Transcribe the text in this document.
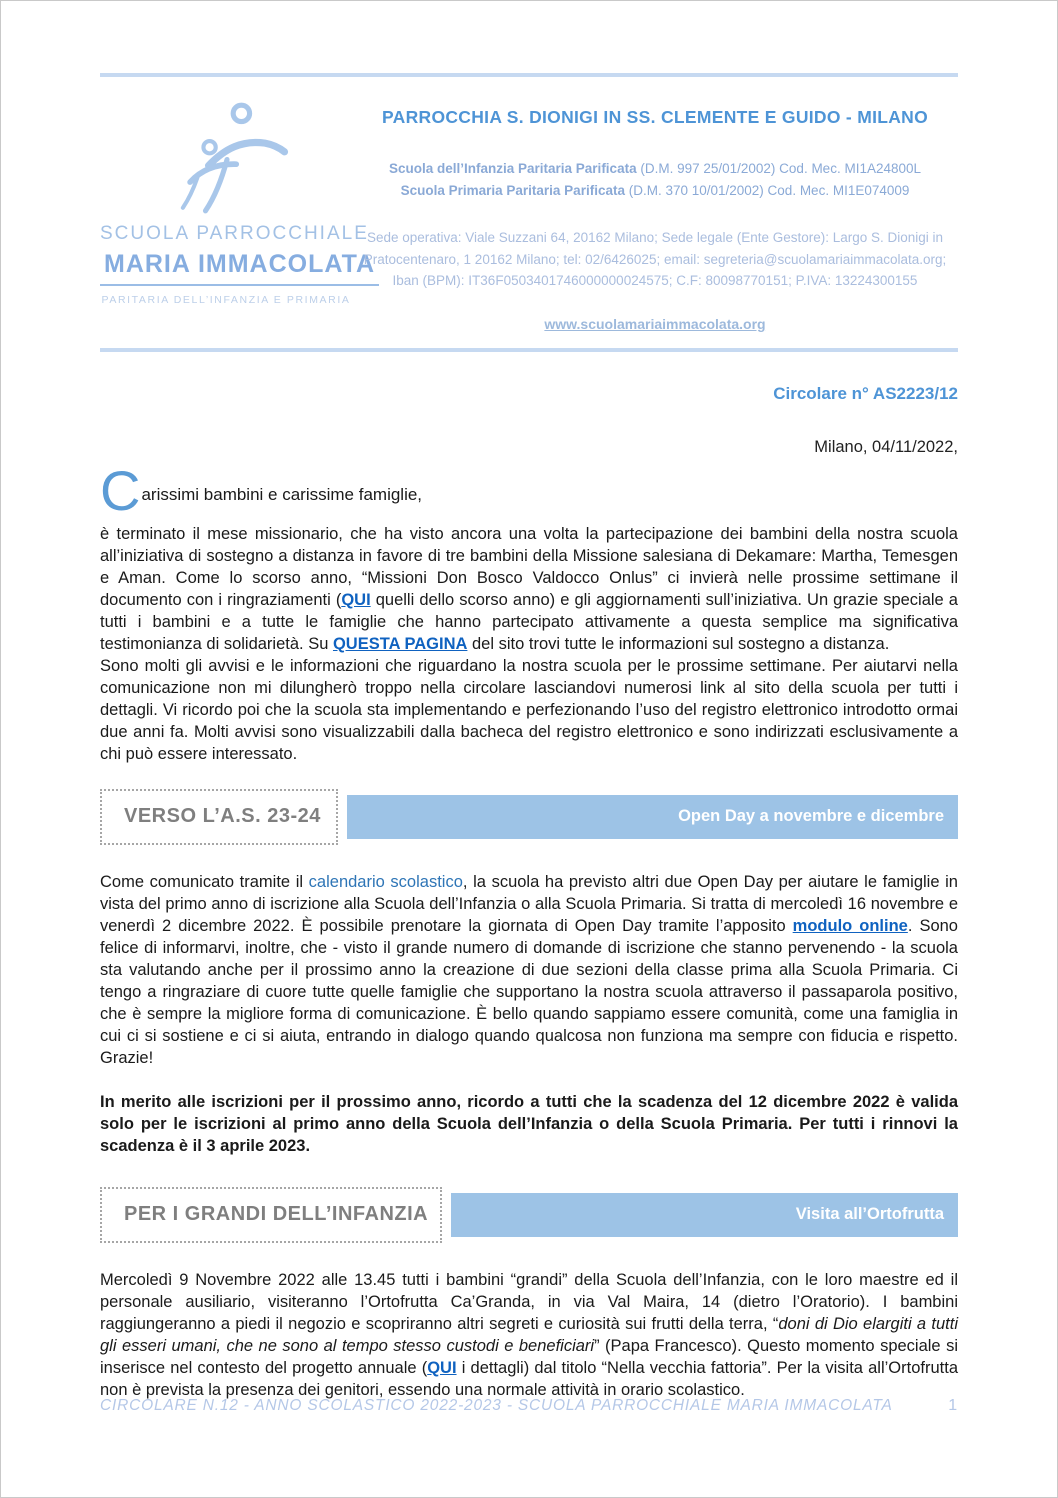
SCUOLA PARROCCHIALE
MARIA IMMACOLATA
PARITARIA DELL’INFANZIA E PRIMARIA
PARROCCHIA S. DIONIGI IN SS. CLEMENTE E GUIDO - MILANO
Scuola dell’Infanzia Paritaria Parificata (D.M. 997 25/01/2002) Cod. Mec. MI1A24800L
Scuola Primaria Paritaria Parificata (D.M. 370 10/01/2002) Cod. Mec. MI1E074009
Sede operativa: Viale Suzzani 64, 20162 Milano; Sede legale (Ente Gestore): Largo S. Dionigi in Pratocentenaro, 1 20162 Milano; tel: 02/6426025; email: segreteria@scuolamariaimmacolata.org; Iban (BPM): IT36F0503401746000000024575; C.F: 80098770151; P.IVA: 13224300155
www.scuolamariaimmacolata.org
Circolare n° AS2223/12
Milano, 04/11/2022,
Carissimi bambini e carissime famiglie,

è terminato il mese missionario, che ha visto ancora una volta la partecipazione dei bambini della nostra scuola all’iniziativa di sostegno a distanza in favore di tre bambini della Missione salesiana di Dekamare: Martha, Temesgen e Aman. Come lo scorso anno, “Missioni Don Bosco Valdocco Onlus” ci invierà nelle prossime settimane il documento con i ringraziamenti (QUI quelli dello scorso anno) e gli aggiornamenti sull’iniziativa. Un grazie speciale a tutti i bambini e a tutte le famiglie che hanno partecipato attivamente a questa semplice ma significativa testimonianza di solidarietà. Su QUESTA PAGINA del sito trovi tutte le informazioni sul sostegno a distanza.

Sono molti gli avvisi e le informazioni che riguardano la nostra scuola per le prossime settimane. Per aiutarvi nella comunicazione non mi dilungherò troppo nella circolare lasciandovi numerosi link al sito della scuola per tutti i dettagli. Vi ricordo poi che la scuola sta implementando e perfezionando l’uso del registro elettronico introdotto ormai due anni fa. Molti avvisi sono visualizzabili dalla bacheca del registro elettronico e sono indirizzati esclusivamente a chi può essere interessato.

VERSO L’A.S. 23-24	Open Day a novembre e dicembre

Come comunicato tramite il calendario scolastico, la scuola ha previsto altri due Open Day per aiutare le famiglie in vista del primo anno di iscrizione alla Scuola dell’Infanzia o alla Scuola Primaria. Si tratta di mercoledì 16 novembre e venerdì 2 dicembre 2022. È possibile prenotare la giornata di Open Day tramite l’apposito modulo online. Sono felice di informarvi, inoltre, che - visto il grande numero di domande di iscrizione che stanno pervenendo - la scuola sta valutando anche per il prossimo anno la creazione di due sezioni della classe prima alla Scuola Primaria. Ci tengo a ringraziare di cuore tutte quelle famiglie che supportano la nostra scuola attraverso il passaparola positivo, che è sempre la migliore forma di comunicazione. È bello quando sappiamo essere comunità, come una famiglia in cui ci si sostiene e ci si aiuta, entrando in dialogo quando qualcosa non funziona ma sempre con fiducia e rispetto. Grazie!

In merito alle iscrizioni per il prossimo anno, ricordo a tutti che la scadenza del 12 dicembre 2022 è valida solo per le iscrizioni al primo anno della Scuola dell’Infanzia o della Scuola Primaria. Per tutti i rinnovi la scadenza è il 3 aprile 2023.

PER I GRANDI DELL’INFANZIA	Visita all’Ortofrutta

Mercoledì 9 Novembre 2022 alle 13.45 tutti i bambini “grandi” della Scuola dell’Infanzia, con le loro maestre ed il personale ausiliario, visiteranno l’Ortofrutta Ca’Granda, in via Val Maira, 14 (dietro l’Oratorio). I bambini raggiungeranno a piedi il negozio e scopriranno altri segreti e curiosità sui frutti della terra, “doni di Dio elargiti a tutti gli esseri umani, che ne sono al tempo stesso custodi e beneficiari” (Papa Francesco). Questo momento speciale si inserisce nel contesto del progetto annuale (QUI i dettagli) dal titolo “Nella vecchia fattoria”. Per la visita all’Ortofrutta non è prevista la presenza dei genitori, essendo una normale attività in orario scolastico.

CIRCOLARE N.12 - ANNO SCOLASTICO 2022-2023 - SCUOLA PARROCCHIALE MARIA IMMACOLATA	1
